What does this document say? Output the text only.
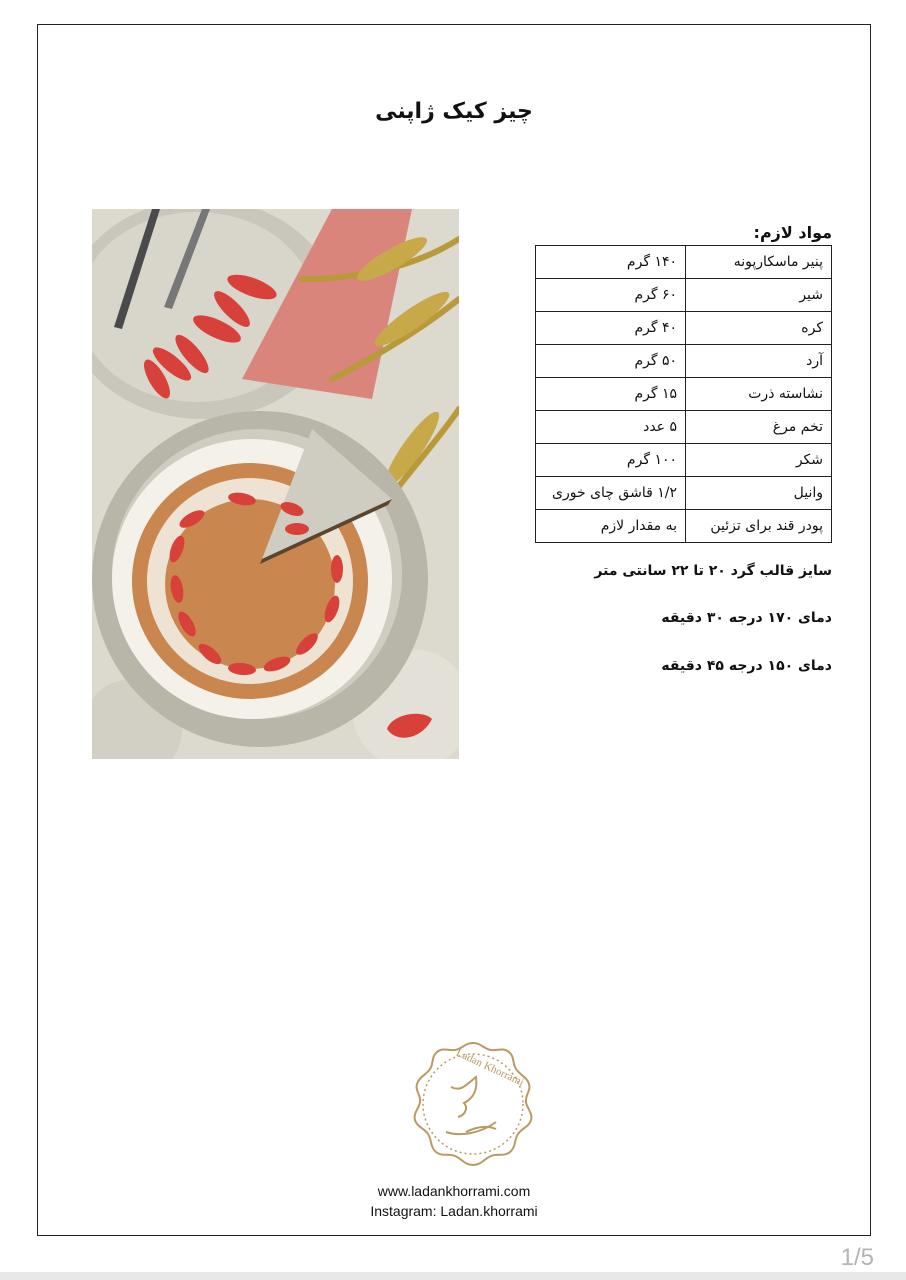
چیز کیک ژاپنی
مواد لازم:
پنیر ماسکارپونه	۱۴۰ گرم
شیر	۶۰ گرم
کره	۴۰ گرم
آرد	۵۰ گرم
نشاسته ذرت	۱۵ گرم
تخم مرغ	۵ عدد
شکر	۱۰۰ گرم
وانیل	۱/۲ قاشق چای خوری
پودر قند برای تزئین	به مقدار لازم
سایز قالب گرد ۲۰ تا ۲۲ سانتی متر
دمای ۱۷۰ درجه ۳۰ دقیقه
دمای ۱۵۰ درجه ۴۵ دقیقه
Ladan Khorrami
www.ladankhorrami.com
Instagram: Ladan.khorrami
1/5
